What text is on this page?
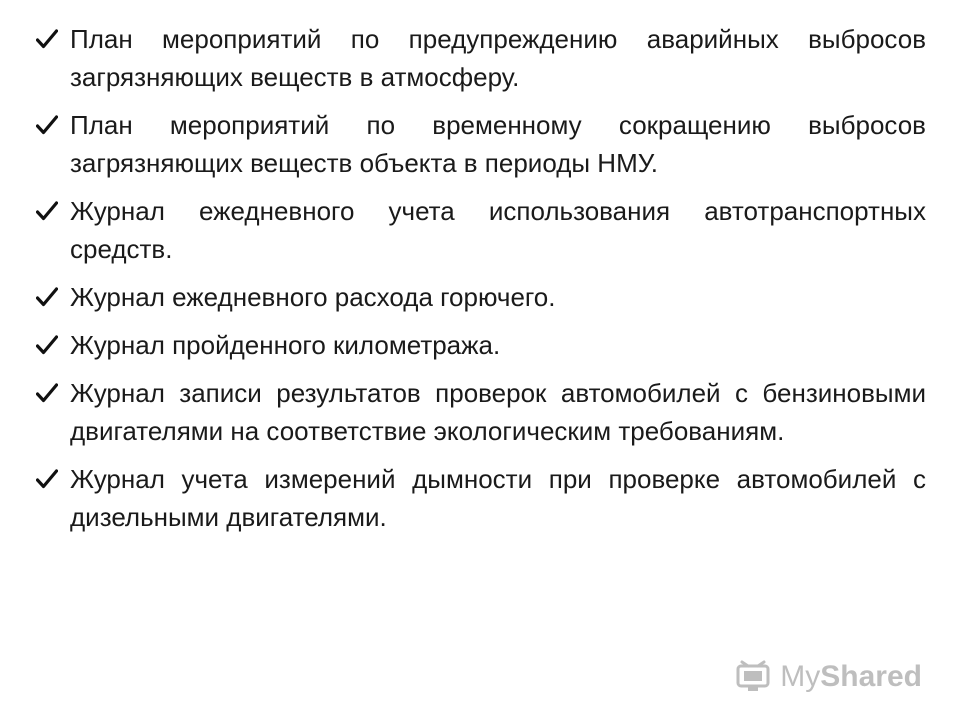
План мероприятий по предупреждению аварийных выбросов загрязняющих веществ в атмосферу.
План мероприятий по временному сокращению выбросов загрязняющих веществ объекта в периоды НМУ.
Журнал ежедневного учета использования автотранспортных средств.
Журнал ежедневного расхода горючего.
Журнал пройденного километража.
Журнал записи результатов проверок автомобилей с бензиновыми двигателями на соответствие экологическим требованиям.
Журнал учета измерений дымности при проверке автомобилей с дизельными двигателями.
MyShared
